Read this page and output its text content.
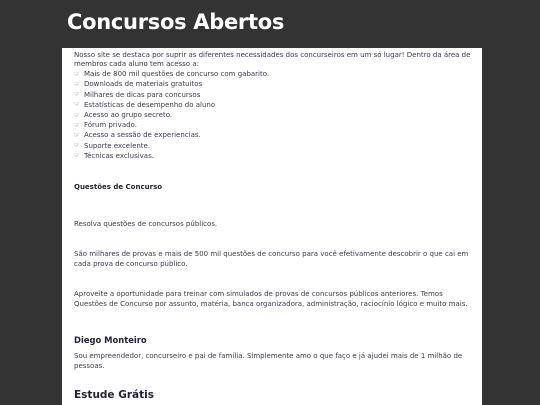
Concursos Abertos

Nosso site se destaca por suprir as diferentes necessidades dos concurseiros em um só lugar! Dentro da área de membros cada aluno tem acesso a:

☞ Mais de 800 mil questões de concurso com gabarito.
☞ Downloads de materiais gratuitos
☞ Milhares de dicas para concursos
☞ Estatísticas de desempenho do aluno
☞ Acesso ao grupo secreto.
☞ Fórum privado.
☞ Acesso a sessão de experiencias.
☞ Suporte excelente.
☞ Técnicas exclusivas.

Questões de Concurso

Resolva questões de concursos públicos.

São milhares de provas e mais de 500 mil questões de concurso para você efetivamente descobrir o que cai em cada prova de concurso público.

Aproveite a oportunidade para treinar com simulados de provas de concursos públicos anteriores. Temos Questões de Concurso por assunto, matéria, banca organizadora, administração, raciocínio lógico e muito mais.

Diego Monteiro

Sou empreendedor, concurseiro e pai de família. Simplemente amo o que faço e já ajudei mais de 1 milhão de pessoas.

Estude Grátis
